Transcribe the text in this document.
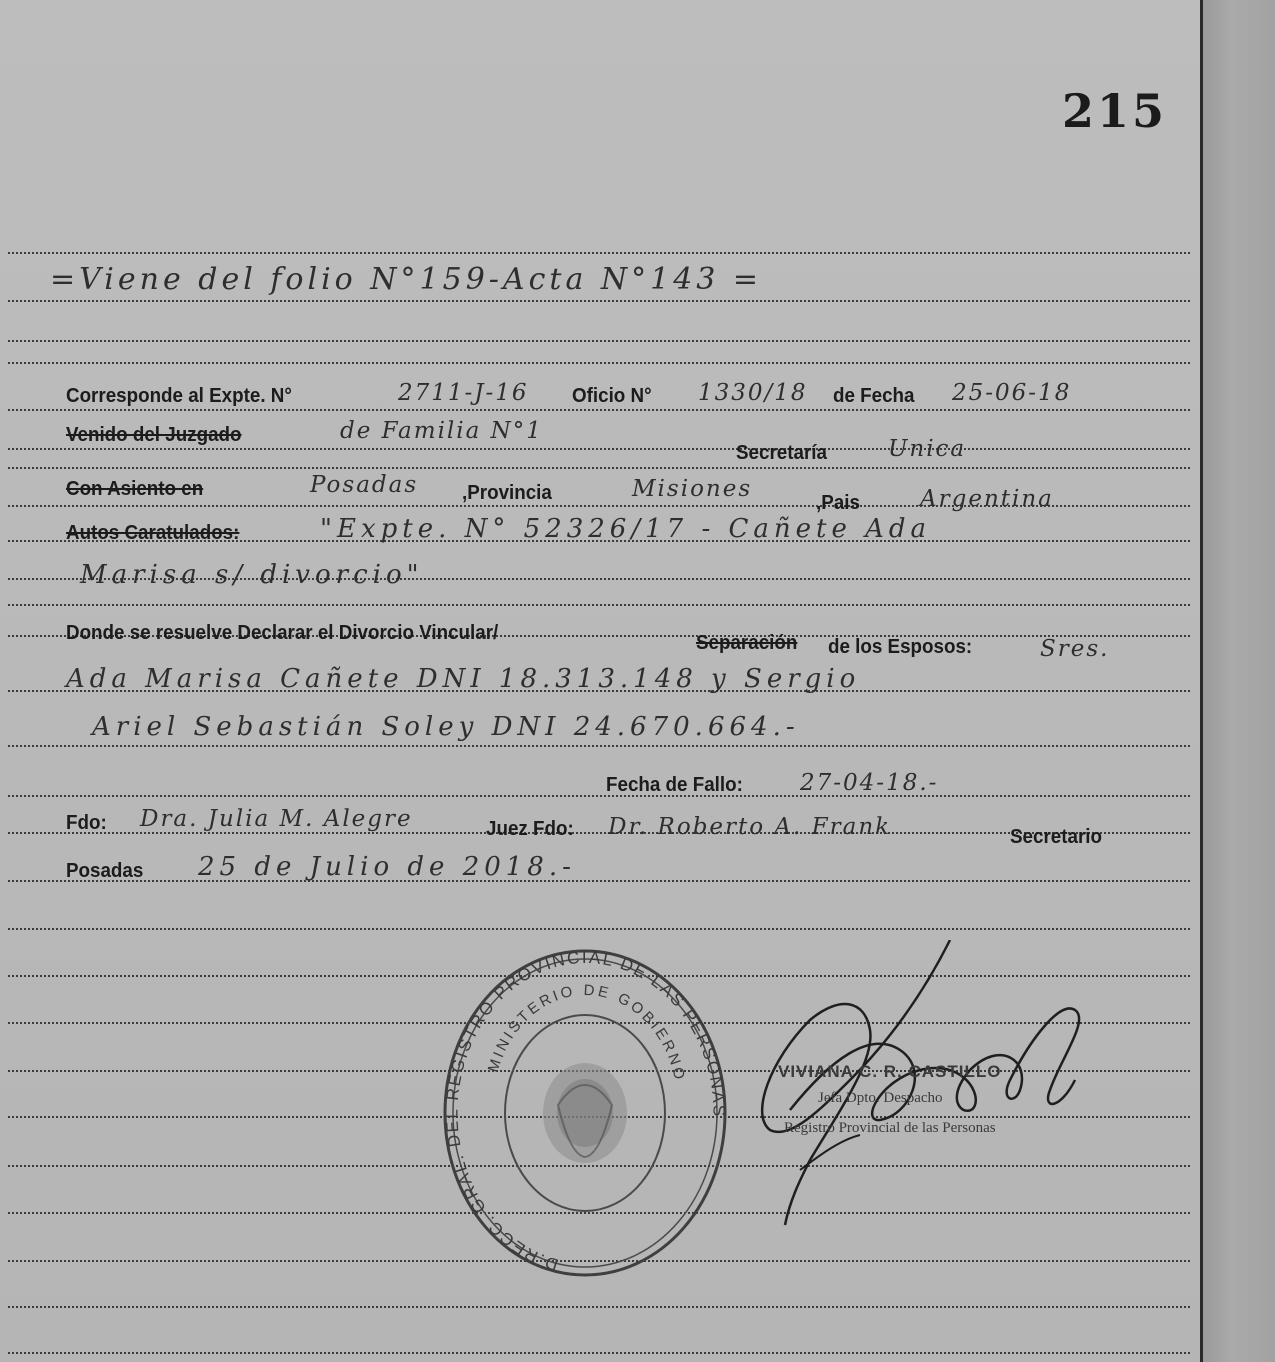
215
=Viene del folio N°159-Acta N°143 =
Corresponde al Expte. N°	2711-J-16 Oficio N° 1330/18 de Fecha 25-06-18
Venido del Juzgado	de Familia N°1
Secretaría	Unica
Con Asiento en	Posadas ,Provincia	Misiones
,Pais	Argentina
Autos Caratulados:	"Expte. N° 52326/17 - Cañete Ada
Marisa s/ divorcio"
Donde se resuelve Declarar el Divorcio Vincular/	Separación de los Esposos:	Sres.
Ada Marisa Cañete DNI 18.313.148 y Sergio
Ariel Sebastián Soley DNI 24.670.664.-
Fecha de Fallo: 27-04-18.-
Fdo: Dra. Julia M. Alegre	Juez Fdo: Dr. Roberto A. Frank	Secretario
Posadas 25 de Julio de 2018.-
D.RECC. GRAL. DEL REGISTRO PROVINCIAL DE LAS PERSONAS
MINISTERIO DE GOBIERNO	VIVIANA C. R. CASTILLO
Jefa Dpto. Despacho
Registro Provincial de las Personas
